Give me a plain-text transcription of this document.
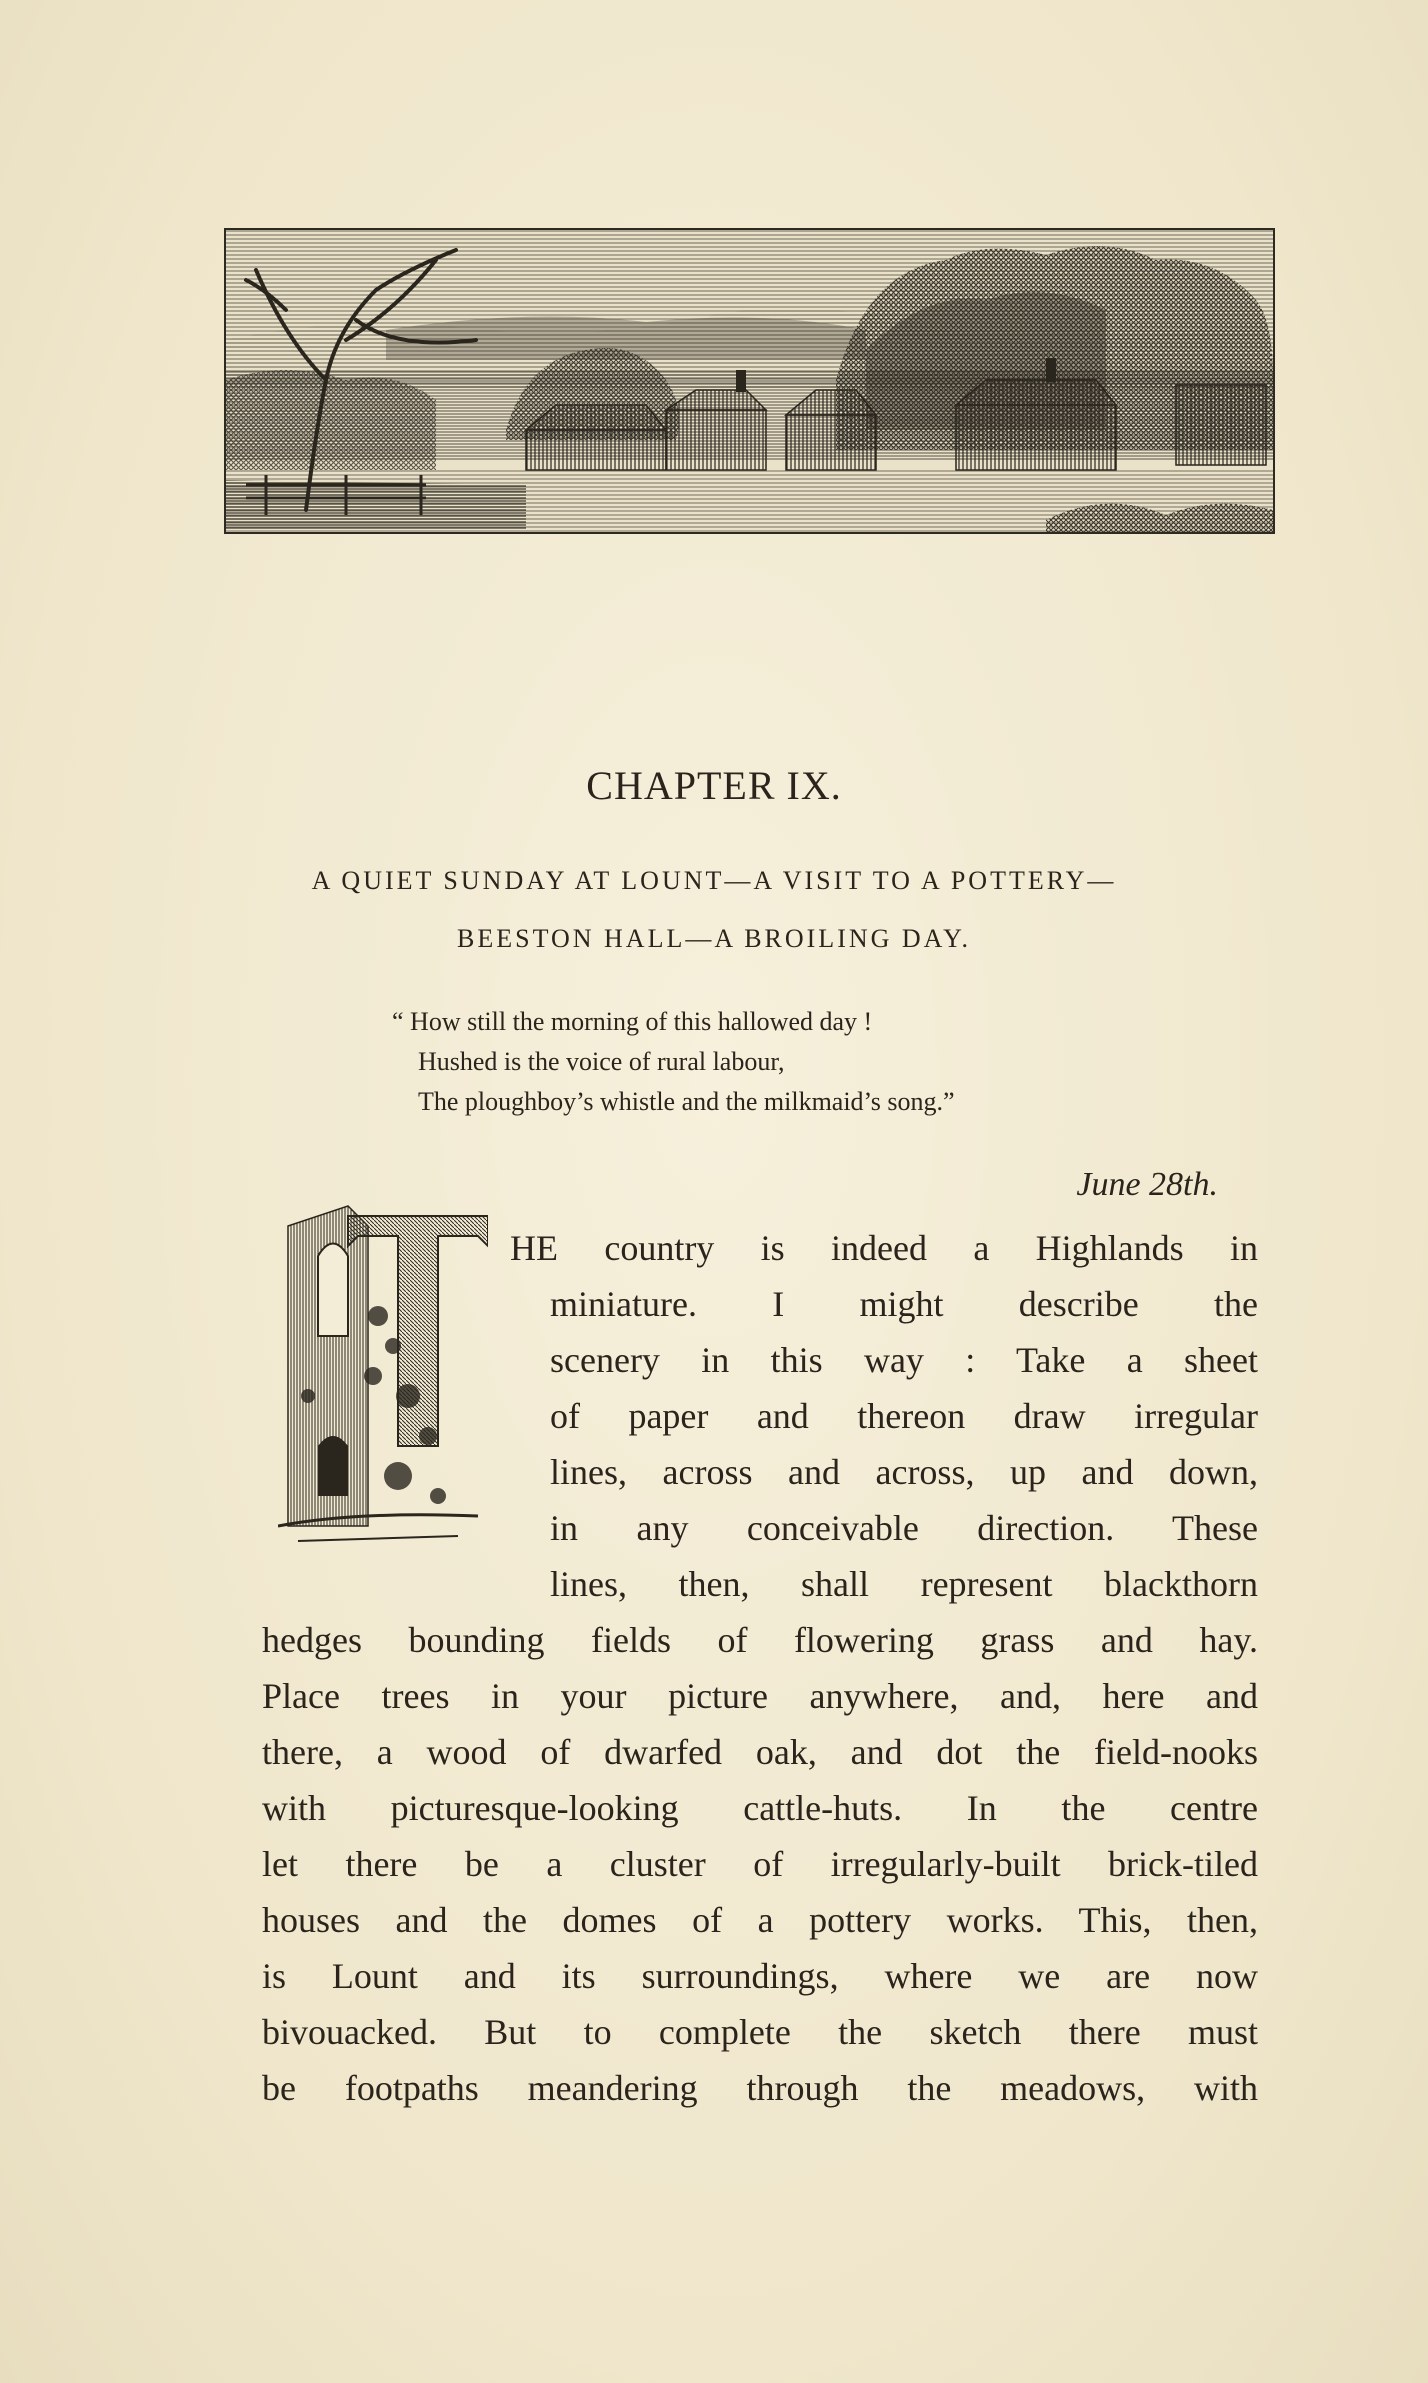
CHAPTER IX.
A QUIET SUNDAY AT LOUNT—A VISIT TO A POTTERY—
BEESTON HALL—A BROILING DAY.
“ How still the morning of this hallowed day !
Hushed is the voice of rural labour,
The ploughboy’s whistle and the milkmaid’s song.”
June 28th.
HE country is indeed a Highlands in
miniature. I might describe the
scenery in this way : Take a sheet
of paper and thereon draw irregular
lines, across and across, up and down,
in any conceivable direction. These
lines, then, shall represent blackthorn
hedges bounding fields of flowering grass and hay.
Place trees in your picture anywhere, and, here and
there, a wood of dwarfed oak, and dot the field-nooks
with picturesque-looking cattle-huts. In the centre
let there be a cluster of irregularly-built brick-tiled
houses and the domes of a pottery works. This, then,
is Lount and its surroundings, where we are now
bivouacked. But to complete the sketch there must
be footpaths meandering through the meadows, with
